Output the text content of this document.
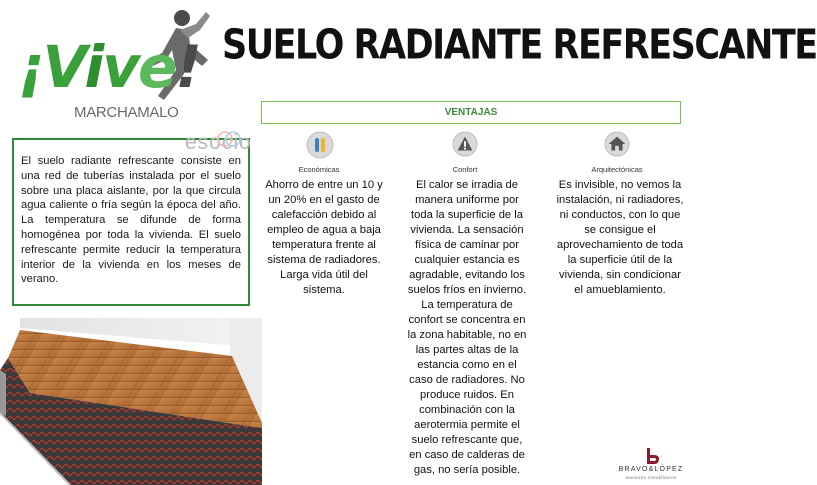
¡Vive!
MARCHAMALO
SUELO RADIANTE REFRESCANTE
VENTAJAS
El suelo radiante refrescante consiste en una red de tuberías instalada por el suelo sobre una placa aislante, por la que circula agua caliente o fría según la época del año. La temperatura se difunde de forma homogénea por toda la vivienda. El suelo refrescante permite reducir la temperatura interior de la vivienda en los meses de verano.
esocio
Económicas
Ahorro de entre un 10 y un 20% en el gasto de calefacción debido al empleo de agua a baja temperatura frente al sistema de radiadores. Larga vida útil del sistema.
Confort
El calor se irradia de manera uniforme por toda la superficie de la vivienda. La sensación física de caminar por cualquier estancia es agradable, evitando los suelos fríos en invierno. La temperatura de confort se concentra en la zona habitable, no en las partes altas de la estancia como en el caso de radiadores. No produce ruidos. En combinación con la aerotermia permite el suelo refrescante que, en caso de calderas de gas, no sería posible.
Arquitectónicas
Es invisible, no vemos la instalación, ni radiadores, ni conductos, con lo que se consigue el aprovechamiento de toda la superficie útil de la vivienda, sin condicionar el amueblamiento.
BRAVO&LÓPEZ
asesores inmobiliarios
